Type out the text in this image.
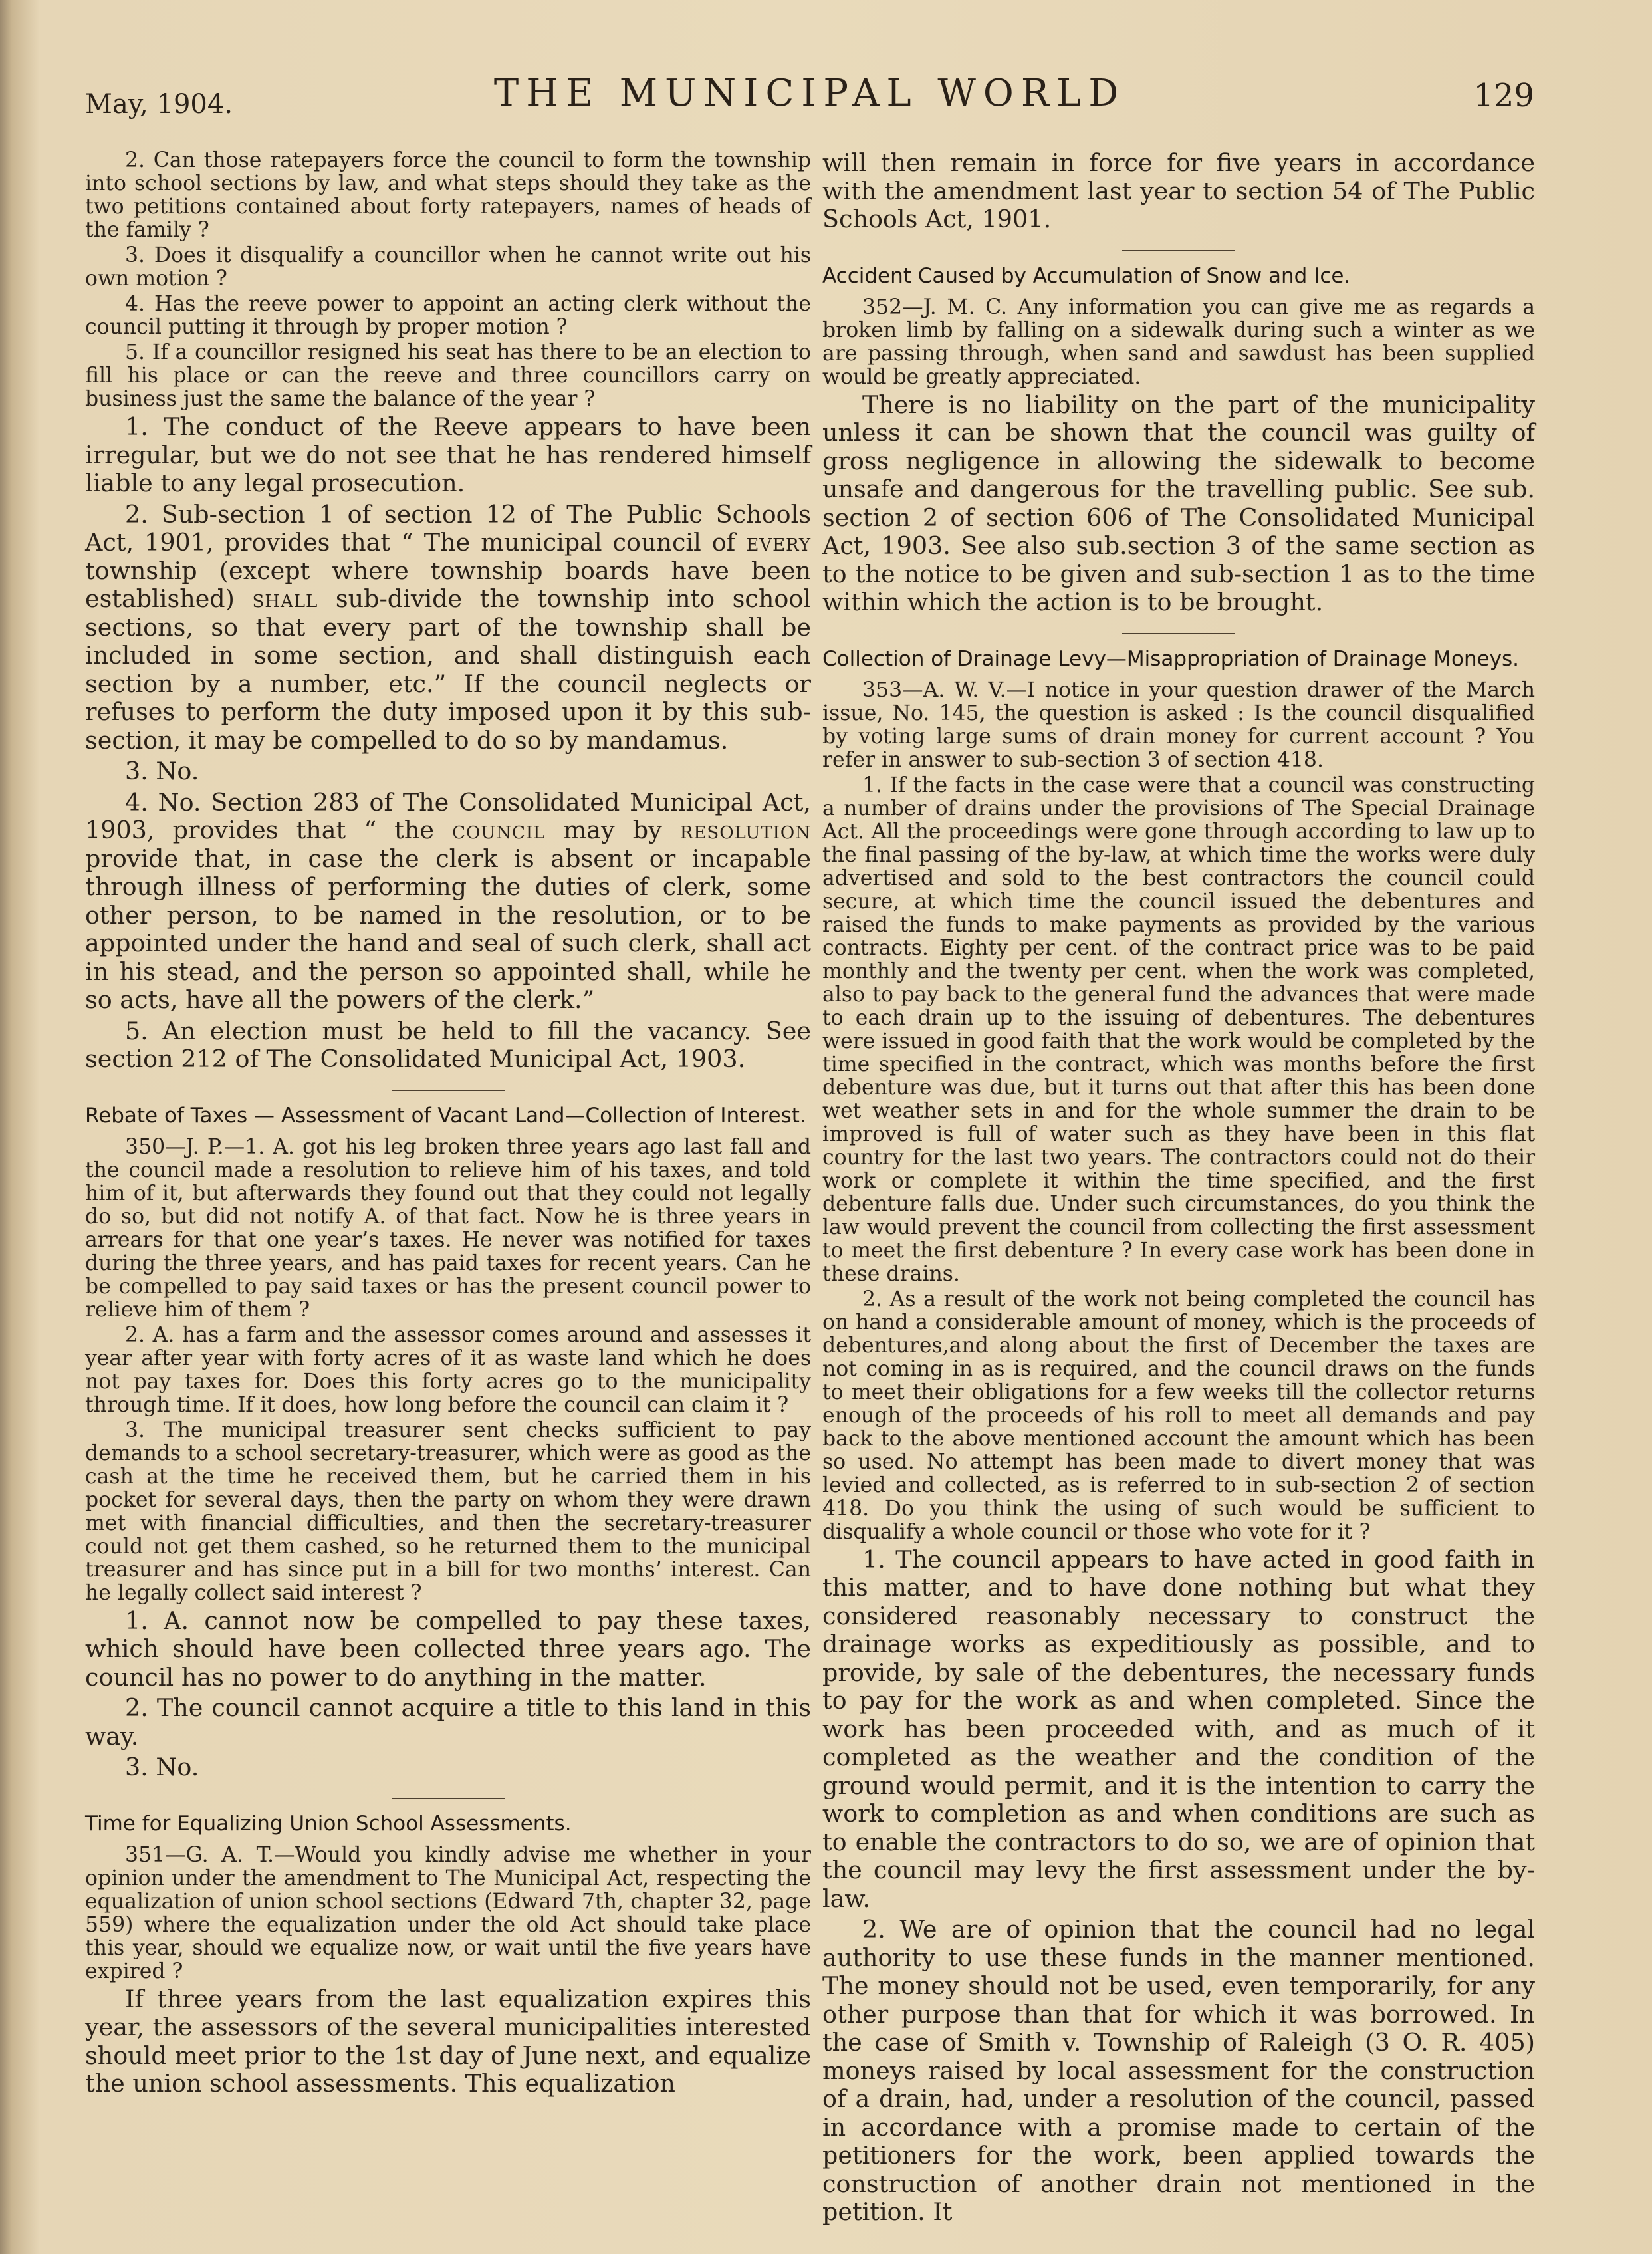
May, 1904.	THE MUNICIPAL WORLD	129

2. Can those ratepayers force the council to form the township into school sections by law, and what steps should they take as the two petitions contained about forty ratepayers, names of heads of the family ?

3. Does it disqualify a councillor when he cannot write out his own motion ?

4. Has the reeve power to appoint an acting clerk without the council putting it through by proper motion ?

5. If a councillor resigned his seat has there to be an election to fill his place or can the reeve and three councillors carry on business just the same the balance of the year ?

1. The conduct of the Reeve appears to have been irregular, but we do not see that he has rendered himself liable to any legal prosecution.

2. Sub-section 1 of section 12 of The Public Schools Act, 1901, provides that “ The municipal council of every township (except where township boards have been established) shall sub-divide the township into school sections, so that every part of the township shall be included in some section, and shall distinguish each section by a number, etc.” If the council neglects or refuses to perform the duty imposed upon it by this sub-section, it may be compelled to do so by mandamus.

3. No.

4. No. Section 283 of The Consolidated Municipal Act, 1903, provides that “ the council may by resolution provide that, in case the clerk is absent or incapable through illness of performing the duties of clerk, some other person, to be named in the resolution, or to be appointed under the hand and seal of such clerk, shall act in his stead, and the person so appointed shall, while he so acts, have all the powers of the clerk.”

5. An election must be held to fill the vacancy. See section 212 of The Consolidated Municipal Act, 1903.

Rebate of Taxes — Assessment of Vacant Land—Collection of Interest.

350—J. P.—1. A. got his leg broken three years ago last fall and the council made a resolution to relieve him of his taxes, and told him of it, but afterwards they found out that they could not legally do so, but did not notify A. of that fact. Now he is three years in arrears for that one year’s taxes. He never was notified for taxes during the three years, and has paid taxes for recent years. Can he be compelled to pay said taxes or has the present council power to relieve him of them ?

2. A. has a farm and the assessor comes around and assesses it year after year with forty acres of it as waste land which he does not pay taxes for. Does this forty acres go to the municipality through time. If it does, how long before the council can claim it ?

3. The municipal treasurer sent checks sufficient to pay demands to a school secretary-treasurer, which were as good as the cash at the time he received them, but he carried them in his pocket for several days, then the party on whom they were drawn met with financial difficulties, and then the secretary-treasurer could not get them cashed, so he returned them to the municipal treasurer and has since put in a bill for two months’ interest. Can he legally collect said interest ?

1. A. cannot now be compelled to pay these taxes, which should have been collected three years ago. The council has no power to do anything in the matter.

2. The council cannot acquire a title to this land in this way.

3. No.

Time for Equalizing Union School Assessments.

351—G. A. T.—Would you kindly advise me whether in your opinion under the amendment to The Municipal Act, respecting the equalization of union school sections (Edward 7th, chapter 32, page 559) where the equalization under the old Act should take place this year, should we equalize now, or wait until the five years have expired ?

If three years from the last equalization expires this year, the assessors of the several municipalities interested should meet prior to the 1st day of June next, and equalize the union school assessments. This equalization

will then remain in force for five years in accordance with the amendment last year to section 54 of The Public Schools Act, 1901.

Accident Caused by Accumulation of Snow and Ice.

352—J. M. C. Any information you can give me as regards a broken limb by falling on a sidewalk during such a winter as we are passing through, when sand and sawdust has been supplied would be greatly appreciated.

There is no liability on the part of the municipality unless it can be shown that the council was guilty of gross negligence in allowing the sidewalk to become unsafe and dangerous for the travelling public. See sub. section 2 of section 606 of The Consolidated Municipal Act, 1903. See also sub.section 3 of the same section as to the notice to be given and sub-section 1 as to the time within which the action is to be brought.

Collection of Drainage Levy—Misappropriation of Drainage Moneys.

353—A. W. V.—I notice in your question drawer of the March issue, No. 145, the question is asked : Is the council disqualified by voting large sums of drain money for current account ? You refer in answer to sub-section 3 of section 418.

1. If the facts in the case were that a council was constructing a number of drains under the provisions of The Special Drainage Act. All the proceedings were gone through according to law up to the final passing of the by-law, at which time the works were duly advertised and sold to the best contractors the council could secure, at which time the council issued the debentures and raised the funds to make payments as provided by the various contracts. Eighty per cent. of the contract price was to be paid monthly and the twenty per cent. when the work was completed, also to pay back to the general fund the advances that were made to each drain up to the issuing of debentures. The debentures were issued in good faith that the work would be completed by the time specified in the contract, which was months before the first debenture was due, but it turns out that after this has been done wet weather sets in and for the whole summer the drain to be improved is full of water such as they have been in this flat country for the last two years. The contractors could not do their work or complete it within the time specified, and the first debenture falls due. Under such circumstances, do you think the law would prevent the council from collecting the first assessment to meet the first debenture ? In every case work has been done in these drains.

2. As a result of the work not being completed the council has on hand a considerable amount of money, which is the proceeds of debentures,and along about the first of December the taxes are not coming in as is required, and the council draws on the funds to meet their obligations for a few weeks till the collector returns enough of the proceeds of his roll to meet all demands and pay back to the above mentioned account the amount which has been so used. No attempt has been made to divert money that was levied and collected, as is referred to in sub-section 2 of section 418. Do you think the using of such would be sufficient to disqualify a whole council or those who vote for it ?

1. The council appears to have acted in good faith in this matter, and to have done nothing but what they considered reasonably necessary to construct the drainage works as expeditiously as possible, and to provide, by sale of the debentures, the necessary funds to pay for the work as and when completed. Since the work has been proceeded with, and as much of it completed as the weather and the condition of the ground would permit, and it is the intention to carry the work to completion as and when conditions are such as to enable the contractors to do so, we are of opinion that the council may levy the first assessment under the by-law.

2. We are of opinion that the council had no legal authority to use these funds in the manner mentioned. The money should not be used, even temporarily, for any other purpose than that for which it was borrowed. In the case of Smith v. Township of Raleigh (3 O. R. 405) moneys raised by local assessment for the construction of a drain, had, under a resolution of the council, passed in accordance with a promise made to certain of the petitioners for the work, been applied towards the construction of another drain not mentioned in the petition. It
